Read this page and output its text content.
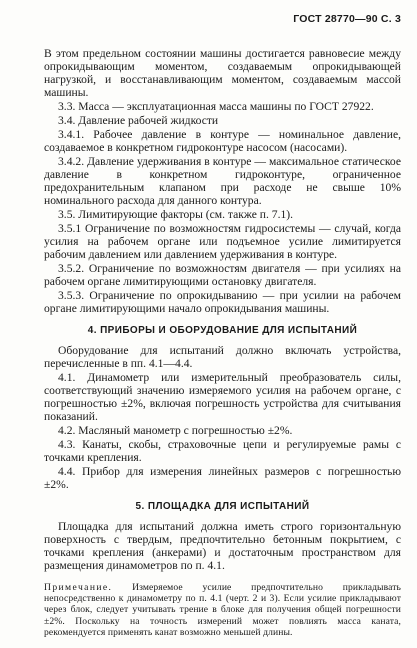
ГОСТ 28770—90 С. 3

В этом предельном состоянии машины достигается равновесие между опрокидывающим моментом, создаваемым опрокидывающей нагрузкой, и восстанавливающим моментом, создаваемым массой машины.

3.3. Масса — эксплуатационная масса машины по ГОСТ 27922.

3.4. Давление рабочей жидкости

3.4.1. Рабочее давление в контуре — номинальное давление, создаваемое в конкретном гидроконтуре насосом (насосами).

3.4.2. Давление удерживания в контуре — максимальное статическое давление в конкретном гидроконтуре, ограниченное предохранительным клапаном при расходе не свыше 10% номинального расхода для данного контура.

3.5. Лимитирующие факторы (см. также п. 7.1).

3.5.1 Ограничение по возможностям гидросистемы — случай, когда усилия на рабочем органе или подъемное усилие лимитируется рабочим давлением или давлением удерживания в контуре.

3.5.2. Ограничение по возможностям двигателя — при усилиях на рабочем органе лимитирующими остановку двигателя.

3.5.3. Ограничение по опрокидыванию — при усилии на рабочем органе лимитирующими начало опрокидывания машины.

4. ПРИБОРЫ И ОБОРУДОВАНИЕ ДЛЯ ИСПЫТАНИЙ

Оборудование для испытаний должно включать устройства, перечисленные в пп. 4.1—4.4.

4.1. Динамометр или измерительный преобразователь силы, соответствующий значению измеряемого усилия на рабочем органе, с погрешностью ±2%, включая погрешность устройства для считывания показаний.

4.2. Масляный манометр с погрешностью ±2%.

4.3. Канаты, скобы, страховочные цепи и регулируемые рамы с точками крепления.

4.4. Прибор для измерения линейных размеров с погрешностью ±2%.

5. ПЛОЩАДКА ДЛЯ ИСПЫТАНИЙ

Площадка для испытаний должна иметь строго горизонтальную поверхность с твердым, предпочтительно бетонным покрытием, с точками крепления (анкерами) и достаточным пространством для размещения динамометров по п. 4.1.

Примечание. Измеряемое усилие предпочтительно прикладывать непосредственно к динамометру по п. 4.1 (черт. 2 и 3). Если усилие прикладывают через блок, следует учитывать трение в блоке для получения общей погрешности ±2%. Поскольку на точность измерений может повлиять масса каната, рекомендуется применять канат возможно меньшей длины.
